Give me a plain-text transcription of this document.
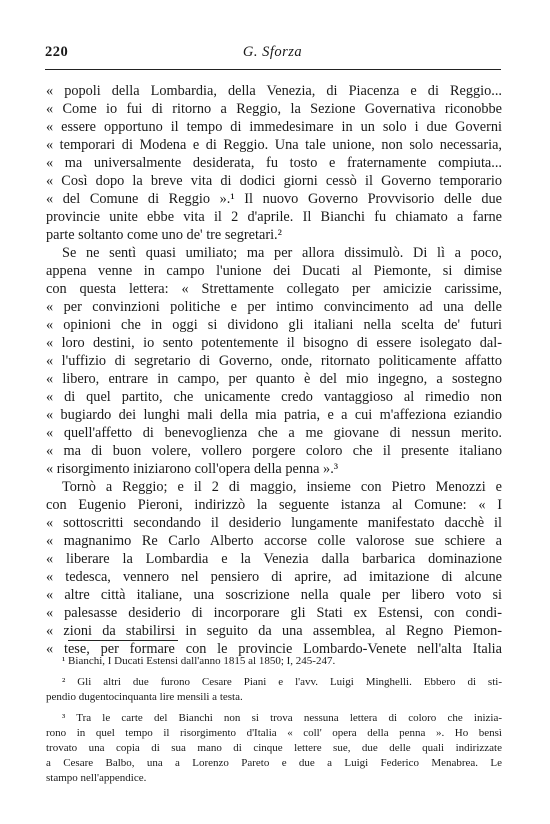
220	G. Sforza
« popoli della Lombardia, della Venezia, di Piacenza e di Reggio...
« Come io fui di ritorno a Reggio, la Sezione Governativa riconobbe
« essere opportuno il tempo di immedesimare in un solo i due Governi
« temporari di Modena e di Reggio. Una tale unione, non solo necessaria,
« ma universalmente desiderata, fu tosto e fraternamente compiuta...
« Così dopo la breve vita di dodici giorni cessò il Governo temporario
« del Comune di Reggio ».¹ Il nuovo Governo Provvisorio delle due
provincie unite ebbe vita il 2 d'aprile. Il Bianchi fu chiamato a farne
parte soltanto come uno de' tre segretari.²
Se ne sentì quasi umiliato; ma per allora dissimulò. Di lì a poco,
appena venne in campo l'unione dei Ducati al Piemonte, si dimise
con questa lettera: « Strettamente collegato per amicizie carissime,
« per convinzioni politiche e per intimo convincimento ad una delle
« opinioni che in oggi si dividono gli italiani nella scelta de' futuri
« loro destini, io sento potentemente il bisogno di essere isolegato dal-
« l'uffizio di segretario di Governo, onde, ritornato politicamente affatto
« libero, entrare in campo, per quanto è del mio ingegno, a sostegno
« di quel partito, che unicamente credo vantaggioso al rimedio non
« bugiardo dei lunghi mali della mia patria, e a cui m'affeziona eziandio
« quell'affetto di benevoglienza che a me giovane di nessun merito.
« ma di buon volere, vollero porgere coloro che il presente italiano
« risorgimento iniziarono coll'opera della penna ».³
Tornò a Reggio; e il 2 di maggio, insieme con Pietro Menozzi e
con Eugenio Pieroni, indirizzò la seguente istanza al Comune: « I
« sottoscritti secondando il desiderio lungamente manifestato dacchè il
« magnanimo Re Carlo Alberto accorse colle valorose sue schiere a
« liberare la Lombardia e la Venezia dalla barbarica dominazione
« tedesca, vennero nel pensiero di aprire, ad imitazione di alcune
« altre città italiane, una soscrizione nella quale per libero voto si
« palesasse desiderio di incorporare gli Stati ex Estensi, con condi-
« zioni da stabilirsi in seguito da una assemblea, al Regno Piemon-
« tese, per formare con le provincie Lombardo-Venete nell'alta Italia
¹ Bianchi, I Ducati Estensi dall'anno 1815 al 1850; I, 245-247.
² Gli altri due furono Cesare Piani e l'avv. Luigi Minghelli. Ebbero di sti-
pendio dugentocinquanta lire mensili a testa.
³ Tra le carte del Bianchi non si trova nessuna lettera di coloro che inizia-
rono in quel tempo il risorgimento d'Italia « coll' opera della penna ». Ho bensì
trovato una copia di sua mano di cinque lettere sue, due delle quali indirizzate
a Cesare Balbo, una a Lorenzo Pareto e due a Luigi Federico Menabrea. Le
stampo nell'appendice.
